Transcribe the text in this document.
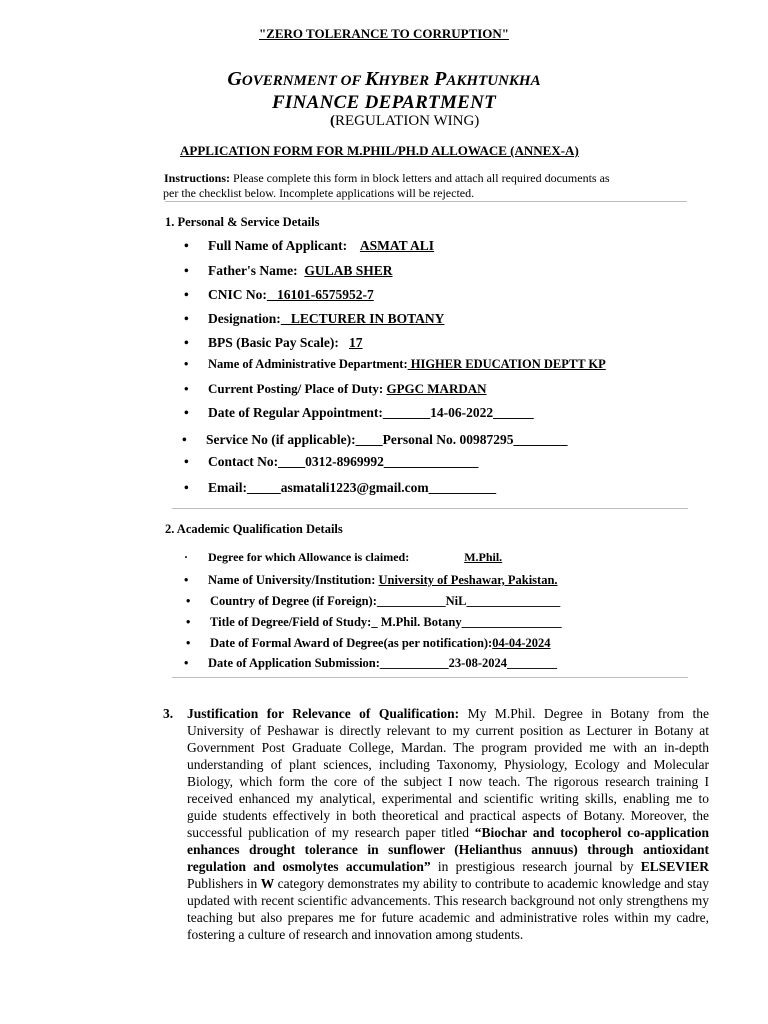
"ZERO TOLERANCE TO CORRUPTION"
GOVERNMENT OF KHYBER PAKHTUNKHA
FINANCE DEPARTMENT
(REGULATION WING)
APPLICATION FORM FOR M.PHIL/PH.D ALLOWACE (ANNEX-A)
Instructions: Please complete this form in block letters and attach all required documents as
per the checklist below. Incomplete applications will be rejected.
1. Personal & Service Details
• Full Name of Applicant: ASMAT ALI
• Father's Name: GULAB SHER
• CNIC No:   16101-6575952-7
• Designation:   LECTURER IN BOTANY
• BPS (Basic Pay Scale): 17
• Name of Administrative Department: HIGHER EDUCATION DEPTT KP
• Current Posting/ Place of Duty: GPGC MARDAN
• Date of Regular Appointment:_______14-06-2022______
• Service No (if applicable):____Personal No. 00987295________
• Contact No:____0312-8969992______________
• Email:_____asmatali1223@gmail.com__________
2. Academic Qualification Details
· Degree for which Allowance is claimed:	M.Phil.
• Name of University/Institution: University of Peshawar, Pakistan.
• Country of Degree (if Foreign):___________NiL_______________
• Title of Degree/Field of Study:_ M.Phil. Botany________________
• Date of Formal Award of Degree(as per notification):04-04-2024
• Date of Application Submission:___________23-08-2024________
3. Justification for Relevance of Qualification: My M.Phil. Degree in Botany from the University of Peshawar is directly relevant to my current position as Lecturer in Botany at Government Post Graduate College, Mardan. The program provided me with an in-depth understanding of plant sciences, including Taxonomy, Physiology, Ecology and Molecular Biology, which form the core of the subject I now teach. The rigorous research training I received enhanced my analytical, experimental and scientific writing skills, enabling me to guide students effectively in both theoretical and practical aspects of Botany. Moreover, the successful publication of my research paper titled “Biochar and tocopherol co-application enhances drought tolerance in sunflower (Helianthus annuus) through antioxidant regulation and osmolytes accumulation” in prestigious research journal by ELSEVIER Publishers in W category demonstrates my ability to contribute to academic knowledge and stay updated with recent scientific advancements. This research background not only strengthens my teaching but also prepares me for future academic and administrative roles within my cadre, fostering a culture of research and innovation among students.
